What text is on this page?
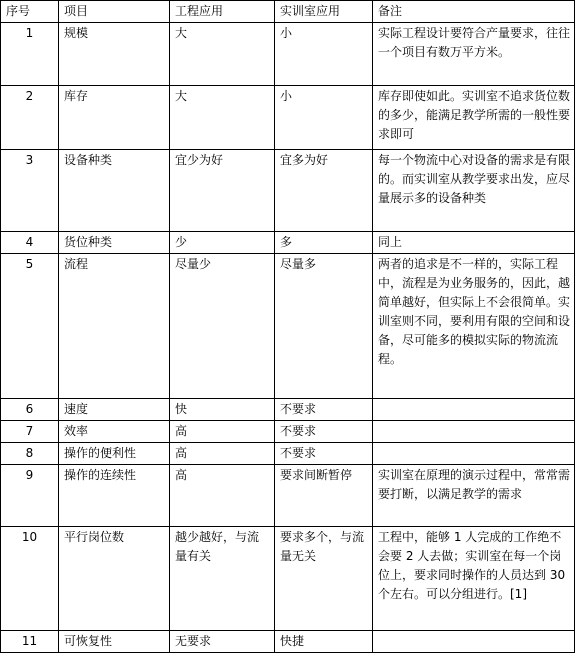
序号	项目	工程应用	实训室应用	备注
1	规模	大	小	实际工程设计要符合产量要求，往往一个项目有数万平方米。
2	库存	大	小	库存即使如此。实训室不追求货位数的多少，能满足教学所需的一般性要求即可
3	设备种类	宜少为好	宜多为好	每一个物流中心对设备的需求是有限的。而实训室从教学要求出发，应尽量展示多的设备种类
4	货位种类	少	多	同上
5	流程	尽量少	尽量多	两者的追求是不一样的，实际工程中，流程是为业务服务的，因此，越简单越好，但实际上不会很简单。实训室则不同，要利用有限的空间和设备，尽可能多的模拟实际的物流流程。
6	速度	快	不要求	
7	效率	高	不要求	
8	操作的便利性	高	不要求	
9	操作的连续性	高	要求间断暂停	实训室在原理的演示过程中，常常需要打断，以满足教学的需求
10	平行岗位数	越少越好，与流量有关	要求多个，与流量无关	工程中，能够 1 人完成的工作绝不会要 2 人去做；实训室在每一个岗位上，要求同时操作的人员达到 30 个左右。可以分组进行。[1]
11	可恢复性	无要求	快捷	
